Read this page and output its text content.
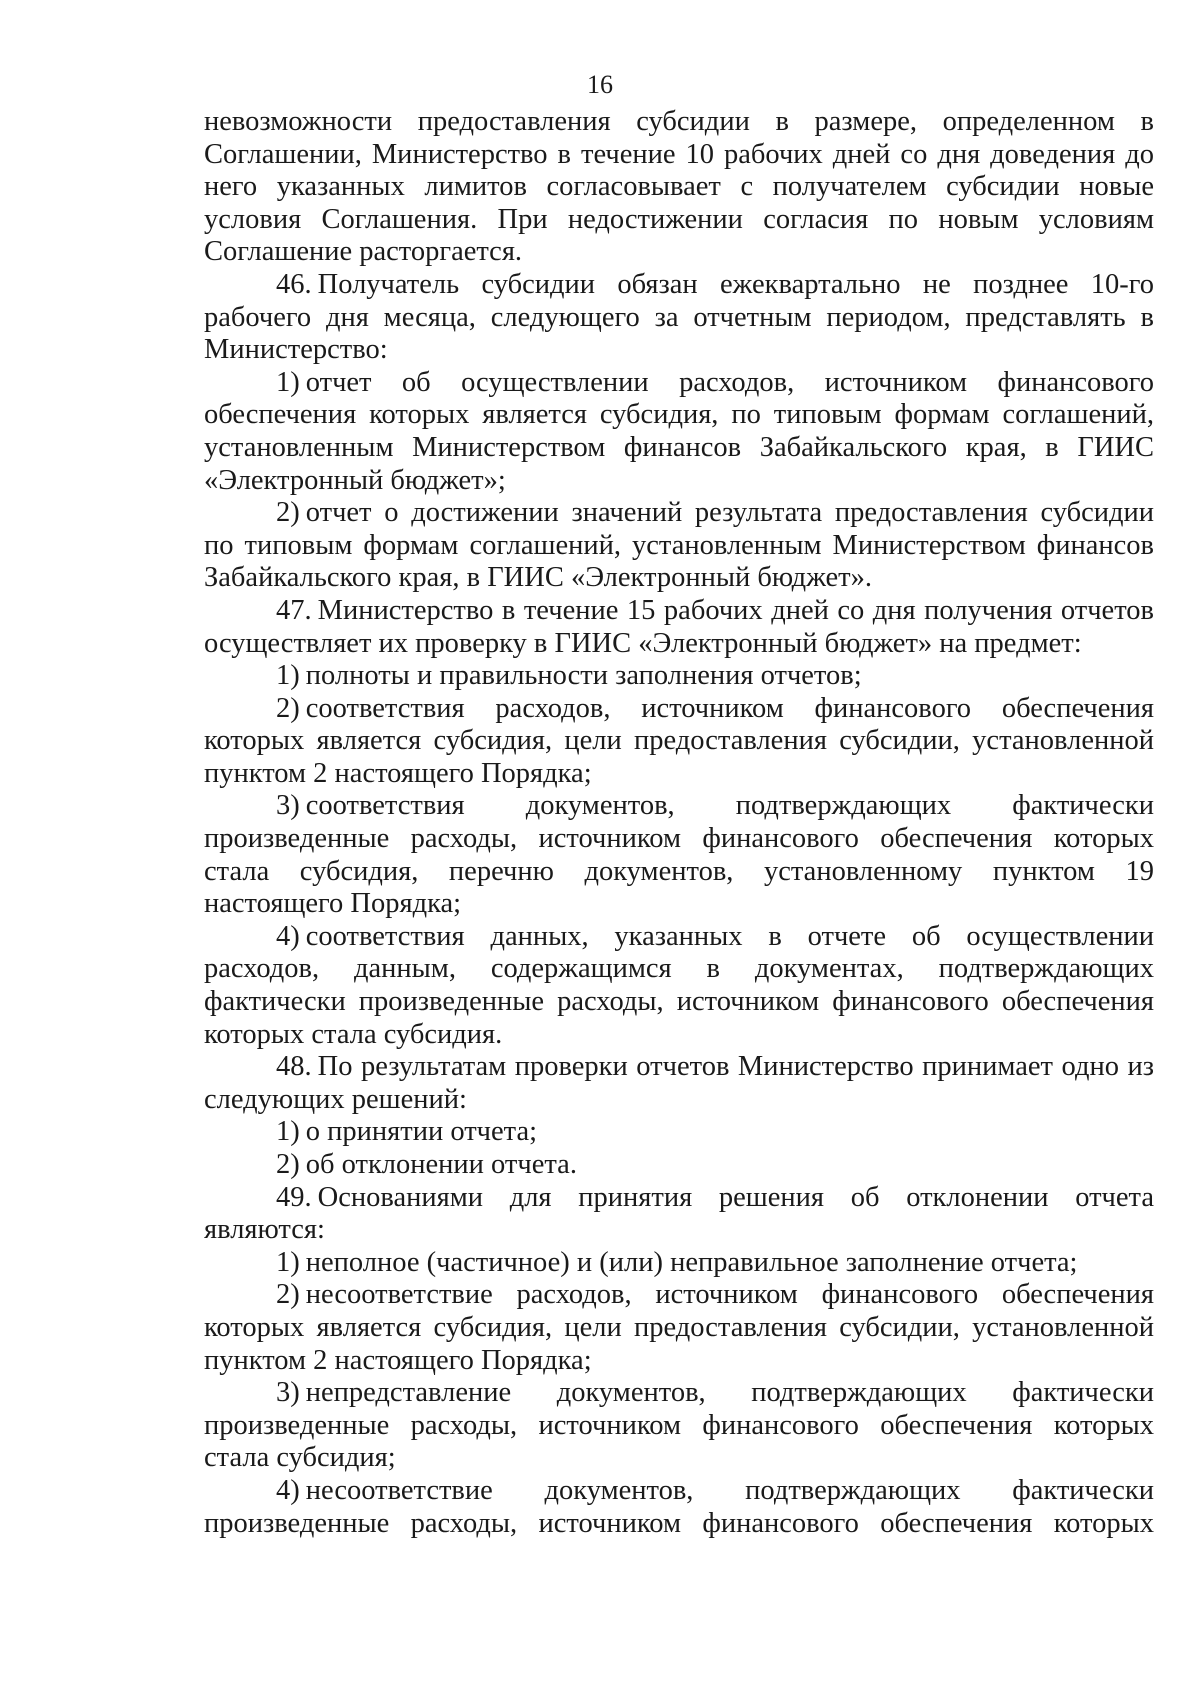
16

невозможности предоставления субсидии в размере, определенном в Соглашении, Министерство в течение 10 рабочих дней со дня доведения до него указанных лимитов согласовывает с получателем субсидии новые условия Соглашения. При недостижении согласия по новым условиям Соглашение расторгается.

46. Получатель субсидии обязан ежеквартально не позднее 10-го рабочего дня месяца, следующего за отчетным периодом, представлять в Министерство:

1) отчет об осуществлении расходов, источником финансового обеспечения которых является субсидия, по типовым формам соглашений, установленным Министерством финансов Забайкальского края, в ГИИС «Электронный бюджет»;

2) отчет о достижении значений результата предоставления субсидии по типовым формам соглашений, установленным Министерством финансов Забайкальского края, в ГИИС «Электронный бюджет».

47. Министерство в течение 15 рабочих дней со дня получения отчетов осуществляет их проверку в ГИИС «Электронный бюджет» на предмет:

1) полноты и правильности заполнения отчетов;

2) соответствия расходов, источником финансового обеспечения которых является субсидия, цели предоставления субсидии, установленной пунктом 2 настоящего Порядка;

3) соответствия документов, подтверждающих фактически произведенные расходы, источником финансового обеспечения которых стала субсидия, перечню документов, установленному пунктом 19 настоящего Порядка;

4) соответствия данных, указанных в отчете об осуществлении расходов, данным, содержащимся в документах, подтверждающих фактически произведенные расходы, источником финансового обеспечения которых стала субсидия.

48. По результатам проверки отчетов Министерство принимает одно из следующих решений:

1) о принятии отчета;

2) об отклонении отчета.

49. Основаниями для принятия решения об отклонении отчета являются:

1) неполное (частичное) и (или) неправильное заполнение отчета;

2) несоответствие расходов, источником финансового обеспечения которых является субсидия, цели предоставления субсидии, установленной пунктом 2 настоящего Порядка;

3) непредставление документов, подтверждающих фактически произведенные расходы, источником финансового обеспечения которых стала субсидия;

4) несоответствие документов, подтверждающих фактически произведенные расходы, источником финансового обеспечения которых
